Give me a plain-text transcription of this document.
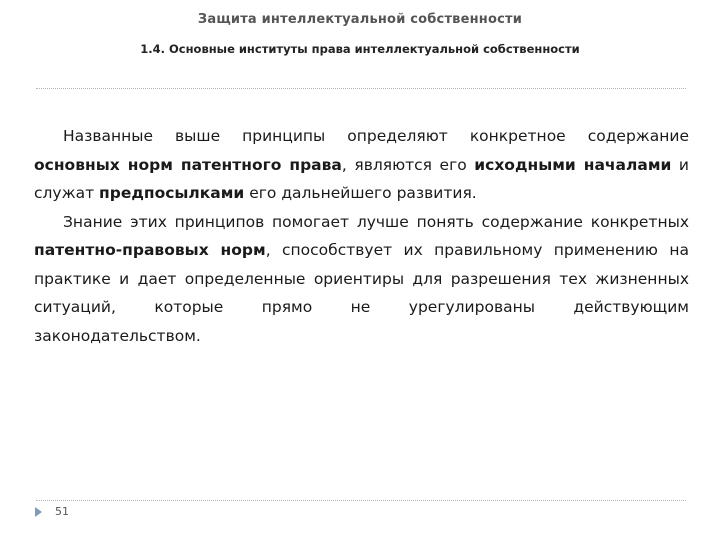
Защита интеллектуальной собственности
1.4. Основные институты права интеллектуальной собственности

Названные выше принципы определяют конкретное содержание основных норм патентного права, являются его исходными началами и служат предпосылками его дальнейшего развития.

Знание этих принципов помогает лучше понять содержание конкретных патентно-правовых норм, способствует их правильному применению на практике и дает определенные ориентиры для разрешения тех жизненных ситуаций, которые прямо не урегулированы действующим законодательством.

51
